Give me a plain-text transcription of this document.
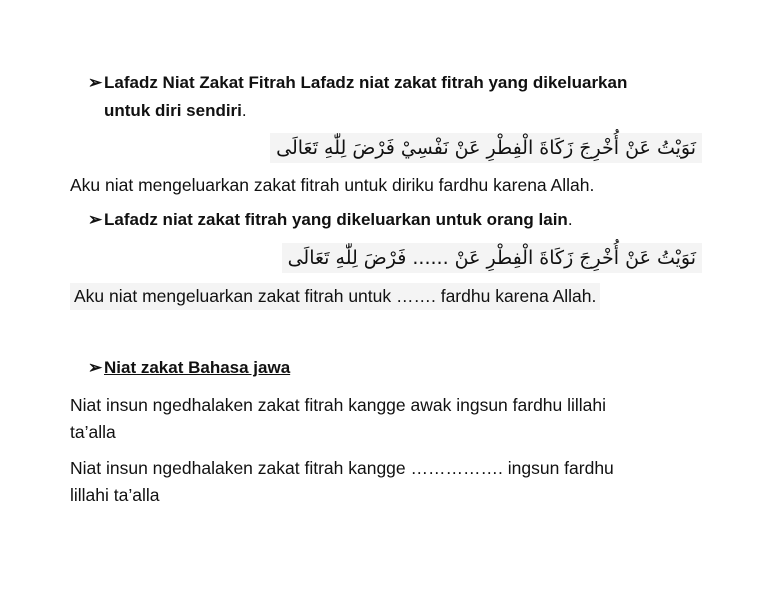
➢ Lafadz Niat Zakat Fitrah Lafadz niat zakat fitrah yang dikeluarkan
untuk diri sendiri.
نَوَيْتُ عَنْ أُخْرِجَ زَكَاةَ الْفِطْرِ عَنْ نَفْسِيْ فَرْضَ لِلّٰهِ تَعَالَى
Aku niat mengeluarkan zakat fitrah untuk diriku fardhu karena Allah.
➢ Lafadz niat zakat fitrah yang dikeluarkan untuk orang lain.
نَوَيْتُ عَنْ أُخْرِجَ زَكَاةَ الْفِطْرِ عَنْ ...... فَرْضَ لِلّٰهِ تَعَالَى
Aku niat mengeluarkan zakat fitrah untuk ……. fardhu karena Allah.
➢ Niat zakat Bahasa jawa
Niat insun ngedhalaken zakat fitrah kangge awak ingsun fardhu lillahi
ta’alla
Niat insun ngedhalaken zakat fitrah kangge ……………. ingsun fardhu
lillahi ta’alla
